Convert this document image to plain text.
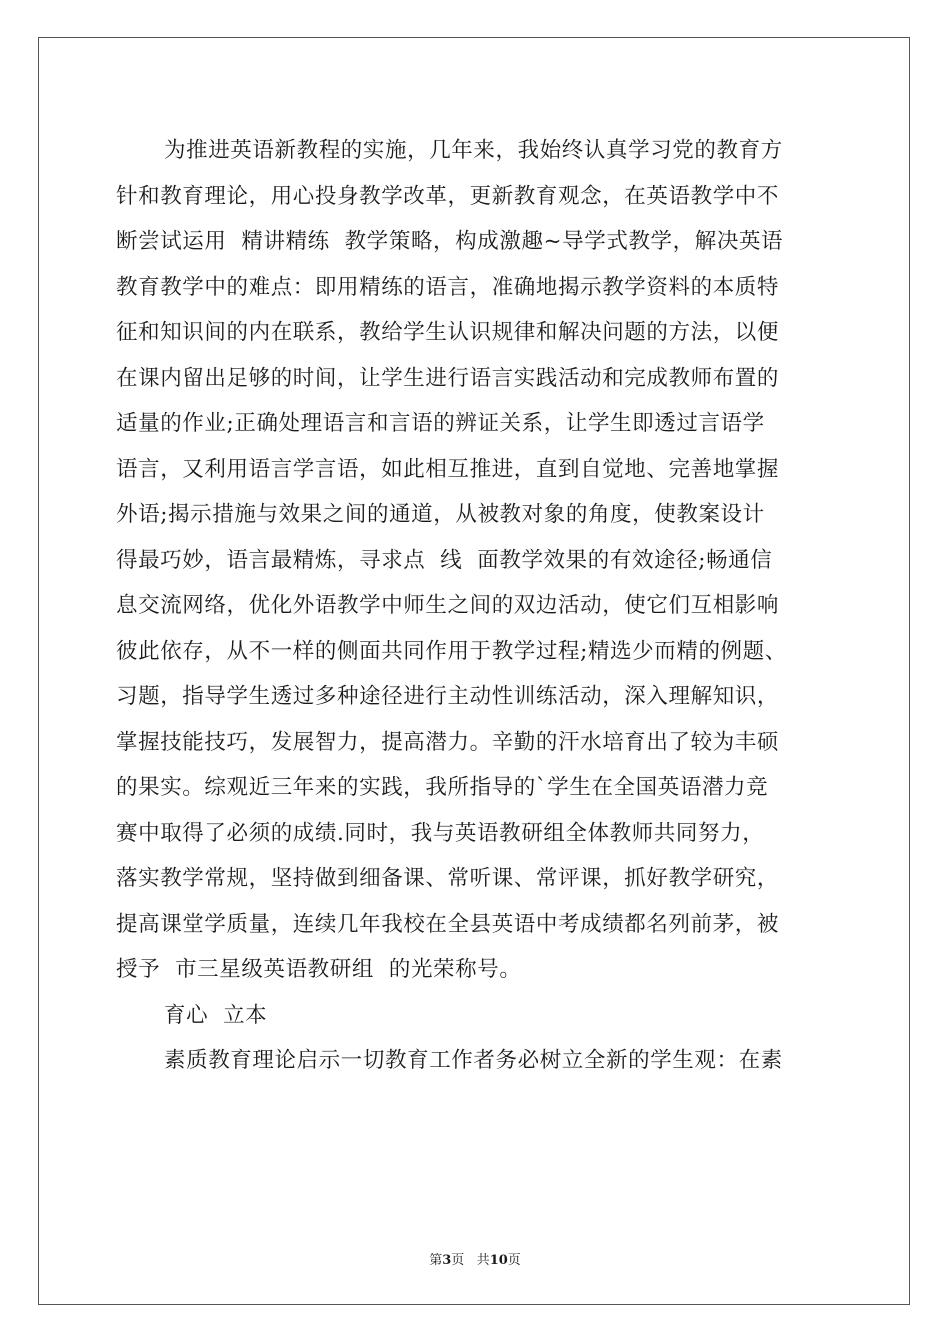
为推进英语新教程的实施，几年来，我始终认真学习党的教育方
针和教育理论，用心投身教学改革，更新教育观念，在英语教学中不
断尝试运用  精讲精练  教学策略，构成激趣~导学式教学，解决英语
教育教学中的难点：即用精练的语言，准确地揭示教学资料的本质特
征和知识间的内在联系，教给学生认识规律和解决问题的方法，以便
在课内留出足够的时间，让学生进行语言实践活动和完成教师布置的
适量的作业;正确处理语言和言语的辨证关系，让学生即透过言语学
语言，又利用语言学言语，如此相互推进，直到自觉地、完善地掌握
外语;揭示措施与效果之间的通道，从被教对象的角度，使教案设计
得最巧妙，语言最精炼，寻求点  线  面教学效果的有效途径;畅通信
息交流网络，优化外语教学中师生之间的双边活动，使它们互相影响
彼此依存，从不一样的侧面共同作用于教学过程;精选少而精的例题、
习题，指导学生透过多种途径进行主动性训练活动，深入理解知识，
掌握技能技巧，发展智力，提高潜力。辛勤的汗水培育出了较为丰硕
的果实。综观近三年来的实践，我所指导的`学生在全国英语潜力竞
赛中取得了必须的成绩.同时，我与英语教研组全体教师共同努力，
落实教学常规，坚持做到细备课、常听课、常评课，抓好教学研究，
提高课堂学质量，连续几年我校在全县英语中考成绩都名列前茅，被
授予  市三星级英语教研组  的光荣称号。
育心  立本
素质教育理论启示一切教育工作者务必树立全新的学生观：在素
第3页 共10页
